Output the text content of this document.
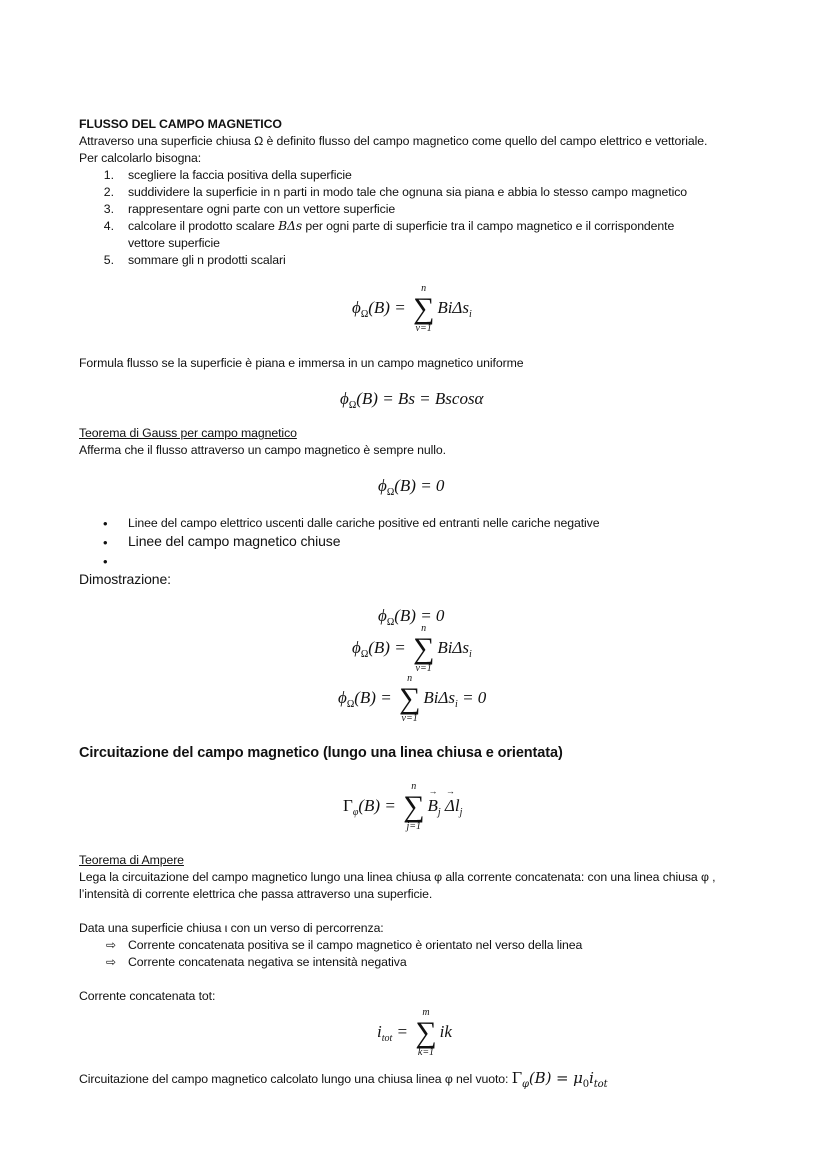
FLUSSO DEL CAMPO MAGNETICO
Attraverso una superficie chiusa Ω è definito flusso del campo magnetico come quello del campo elettrico e vettoriale.
Per calcolarlo bisogna:
1. scegliere la faccia positiva della superficie
2. suddividere la superficie in n parti in modo tale che ognuna sia piana e abbia lo stesso campo magnetico
3. rappresentare ogni parte con un vettore superficie
4. calcolare il prodotto scalare BΔs per ogni parte di superficie tra il campo magnetico e il corrispondente
vettore superficie
5. sommare gli n prodotti scalari
$\phi_\Omega(B)$ =
n
∑
v=1
BiΔs$_i$
Formula flusso se la superficie è piana e immersa in un campo magnetico uniforme
$\phi_\Omega(B) = Bs = Bscos\alpha$
Teorema di Gauss per campo magnetico
Afferma che il flusso attraverso un campo magnetico è sempre nullo.
$\phi_\Omega(B) = 0$
• Linee del campo elettrico uscenti dalle cariche positive ed entranti nelle cariche negative
• Linee del campo magnetico chiuse
•
Dimostrazione:
$\phi_\Omega(B) = 0$
$\phi_\Omega(B)$ =
n
∑
v=1
BiΔs$_i$
$\phi_\Omega(B)$ =
n
∑
v=1
BiΔs$_i$ = 0
Circuitazione del campo magnetico (lungo una linea chiusa e orientata)
$\Gamma_\varphi(B)$ =
n
∑
j=1
→ $B_j \to \Delta l_j$
Teorema di Ampere
Lega la circuitazione del campo magnetico lungo una linea chiusa φ alla corrente concatenata: con una linea chiusa φ ,
l’intensità di corrente elettrica che passa attraverso una superficie.
Data una superficie chiusa ι con un verso di percorrenza:
⇨ Corrente concatenata positiva se il campo magnetico è orientato nel verso della linea
⇨ Corrente concatenata negativa se intensità negativa
Corrente concatenata tot:
$i_{tot}$ =
m
∑
k=1
ik
Circuitazione del campo magnetico calcolato lungo una chiusa linea φ nel vuoto: $\Gamma_\varphi(B) = \mu_0i_{tot}$
